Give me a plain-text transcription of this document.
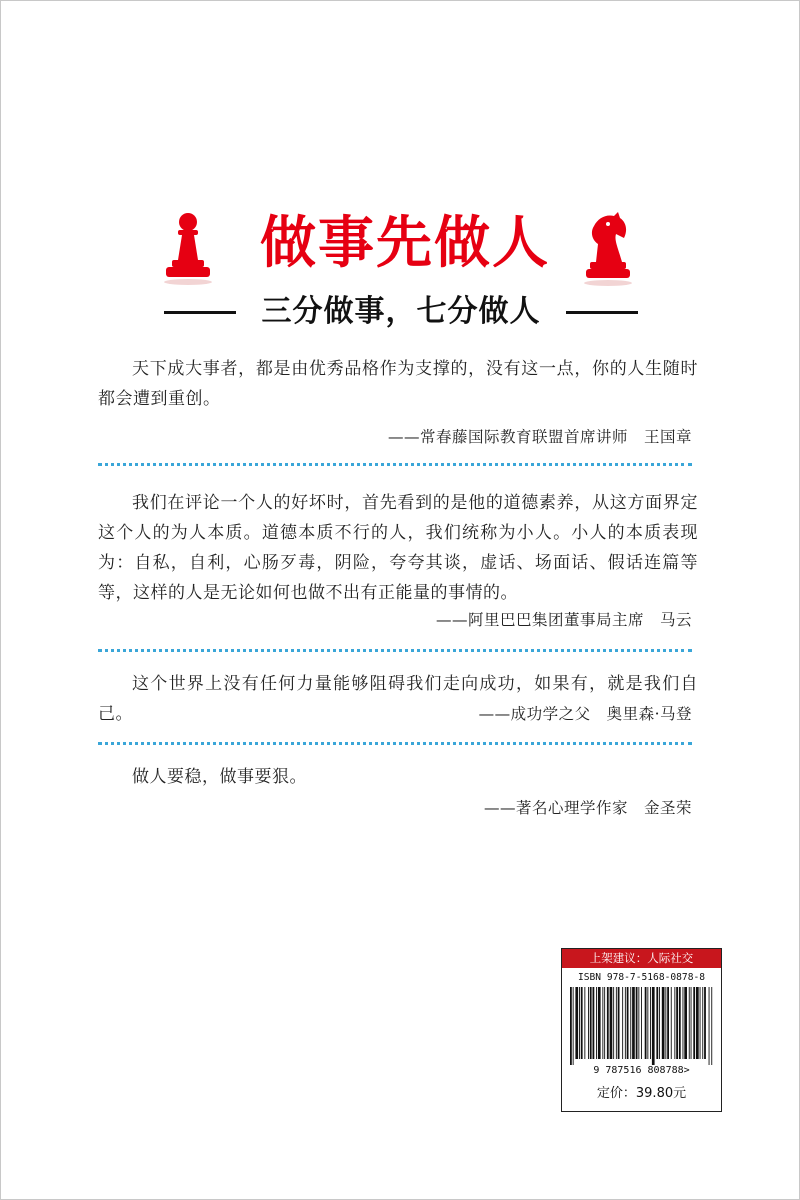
做事先做人
三分做事，七分做人

天下成大事者，都是由优秀品格作为支撑的，没有这一点，你的人生随时都会遭到重创。

——常春藤国际教育联盟首席讲师　王国章

我们在评论一个人的好坏时，首先看到的是他的道德素养，从这方面界定这个人的为人本质。道德本质不行的人，我们统称为小人。小人的本质表现为：自私，自利，心肠歹毒，阴险，夸夸其谈，虚话、场面话、假话连篇等等，这样的人是无论如何也做不出有正能量的事情的。

——阿里巴巴集团董事局主席　马云

这个世界上没有任何力量能够阻碍我们走向成功，如果有，就是我们自己。	——成功学之父　奥里森·马登

做人要稳，做事要狠。

——著名心理学作家　金圣荣
上架建议：人际社交
ISBN 978-7-5168-0878-8
9 787516 808788>
定价：39.80元
